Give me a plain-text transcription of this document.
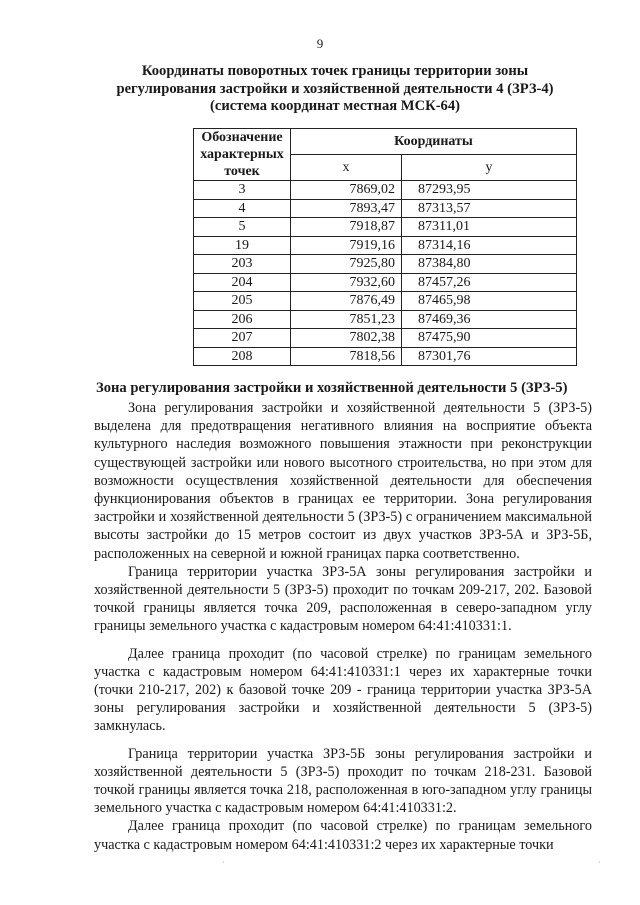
9
Координаты поворотных точек границы территории зоны
регулирования застройки и хозяйственной деятельности 4 (ЗРЗ-4)
(система координат местная МСК-64)
Обозначение характерных точек	Координаты	
	x	y
3	7869,02	87293,95
4	7893,47	87313,57
5	7918,87	87311,01
19	7919,16	87314,16
203	7925,80	87384,80
204	7932,60	87457,26
205	7876,49	87465,98
206	7851,23	87469,36
207	7802,38	87475,90
208	7818,56	87301,76
Зона регулирования застройки и хозяйственной деятельности 5 (ЗРЗ-5)

Зона регулирования застройки и хозяйственной деятельности 5 (ЗРЗ-5) выделена для предотвращения негативного влияния на восприятие объекта культурного наследия возможного повышения этажности при реконструкции существующей застройки или нового высотного строительства, но при этом для возможности осуществления хозяйственной деятельности для обеспечения функционирования объектов в границах ее территории. Зона регулирования застройки и хозяйственной деятельности 5 (ЗРЗ-5) с ограничением максимальной высоты застройки до 15 метров состоит из двух участков ЗРЗ-5А и ЗРЗ-5Б, расположенных на северной и южной границах парка соответственно.

Граница территории участка ЗРЗ-5А зоны регулирования застройки и хозяйственной деятельности 5 (ЗРЗ-5) проходит по точкам 209-217, 202. Базовой точкой границы является точка 209, расположенная в северо-западном углу границы земельного участка с кадастровым номером 64:41:410331:1.

Далее граница проходит (по часовой стрелке) по границам земельного участка с кадастровым номером 64:41:410331:1 через их характерные точки (точки 210-217, 202) к базовой точке 209 - граница территории участка ЗРЗ-5А зоны регулирования застройки и хозяйственной деятельности 5 (ЗРЗ-5) замкнулась.

Граница территории участка ЗРЗ-5Б зоны регулирования застройки и хозяйственной деятельности 5 (ЗРЗ-5) проходит по точкам 218-231. Базовой точкой границы является точка 218, расположенная в юго-западном углу границы земельного участка с кадастровым номером 64:41:410331:2.

Далее граница проходит (по часовой стрелке) по границам земельного участка с кадастровым номером 64:41:410331:2 через их характерные точки

·	·
